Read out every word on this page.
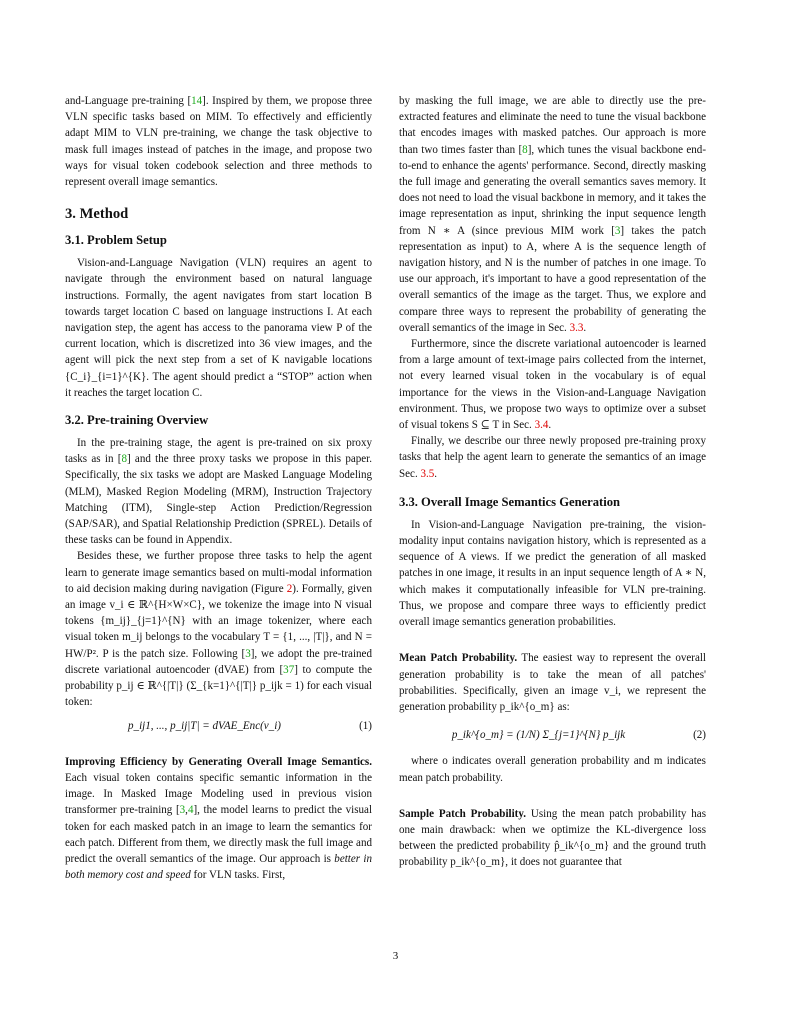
and-Language pre-training [14]. Inspired by them, we propose three VLN specific tasks based on MIM. To effectively and efficiently adapt MIM to VLN pre-training, we change the task objective to mask full images instead of patches in the image, and propose two ways for visual token codebook selection and three methods to represent overall image semantics.

3. Method
3.1. Problem Setup

Vision-and-Language Navigation (VLN) requires an agent to navigate through the environment based on natural language instructions. Formally, the agent navigates from start location B towards target location C based on language instructions I. At each navigation step, the agent has access to the panorama view P of the current location, which is discretized into 36 view images, and the agent will pick the next step from a set of K navigable locations {C_i}_{i=1}^{K}. The agent should predict a “STOP” action when it reaches the target location C.

3.2. Pre-training Overview

In the pre-training stage, the agent is pre-trained on six proxy tasks as in [8] and the three proxy tasks we propose in this paper. Specifically, the six tasks we adopt are Masked Language Modeling (MLM), Masked Region Modeling (MRM), Instruction Trajectory Matching (ITM), Single-step Action Prediction/Regression (SAP/SAR), and Spatial Relationship Prediction (SPREL). Details of these tasks can be found in Appendix.

Besides these, we further propose three tasks to help the agent learn to generate image semantics based on multi-modal information to aid decision making during navigation (Figure 2). Formally, given an image v_i ∈ ℝ^{H×W×C}, we tokenize the image into N visual tokens {m_ij}_{j=1}^{N} with an image tokenizer, where each visual token m_ij belongs to the vocabulary T = {1, ..., |T|}, and N = HW/P². P is the patch size. Following [3], we adopt the pre-trained discrete variational autoencoder (dVAE) from [37] to compute the probability p_ij ∈ ℝ^{|T|} (Σ_{k=1}^{|T|} p_ijk = 1) for each visual token:

p_ij1, ..., p_ij|T| = dVAE_Enc(v_i)	(1)

Improving Efficiency by Generating Overall Image Semantics. Each visual token contains specific semantic information in the image. In Masked Image Modeling used in previous vision transformer pre-training [3,4], the model learns to predict the visual token for each masked patch in an image to learn the semantics for each patch. Different from them, we directly mask the full image and predict the overall semantics of the image. Our approach is better in both memory cost and speed for VLN tasks. First,

by masking the full image, we are able to directly use the pre-extracted features and eliminate the need to tune the visual backbone that encodes images with masked patches. Our approach is more than two times faster than [8], which tunes the visual backbone end-to-end to enhance the agents' performance. Second, directly masking the full image and generating the overall semantics saves memory. It does not need to load the visual backbone in memory, and it takes the image representation as input, shrinking the input sequence length from N ∗ A (since previous MIM work [3] takes the patch representation as input) to A, where A is the sequence length of navigation history, and N is the number of patches in one image. To use our approach, it's important to have a good representation of the overall semantics of the image as the target. Thus, we explore and compare three ways to represent the probability of generating the overall semantics of the image in Sec. 3.3.

Furthermore, since the discrete variational autoencoder is learned from a large amount of text-image pairs collected from the internet, not every learned visual token in the vocabulary is of equal importance for the views in the Vision-and-Language Navigation environment. Thus, we propose two ways to optimize over a subset of visual tokens S ⊆ T in Sec. 3.4.

Finally, we describe our three newly proposed pre-training proxy tasks that help the agent learn to generate the semantics of an image Sec. 3.5.

3.3. Overall Image Semantics Generation

In Vision-and-Language Navigation pre-training, the vision-modality input contains navigation history, which is represented as a sequence of A views. If we predict the generation of all masked patches in one image, it results in an input sequence length of A ∗ N, which makes it computationally infeasible for VLN pre-training. Thus, we propose and compare three ways to efficiently predict overall image semantics generation probabilities.

Mean Patch Probability. The easiest way to represent the overall generation probability is to take the mean of all patches' probabilities. Specifically, given an image v_i, we represent the generation probability p_ik^{o_m} as:

p_ik^{o_m} = (1/N) Σ_{j=1}^{N} p_ijk	(2)

where o indicates overall generation probability and m indicates mean patch probability.

Sample Patch Probability. Using the mean patch probability has one main drawback: when we optimize the KL-divergence loss between the predicted probability p̂_ik^{o_m} and the ground truth probability p_ik^{o_m}, it does not guarantee that

3
